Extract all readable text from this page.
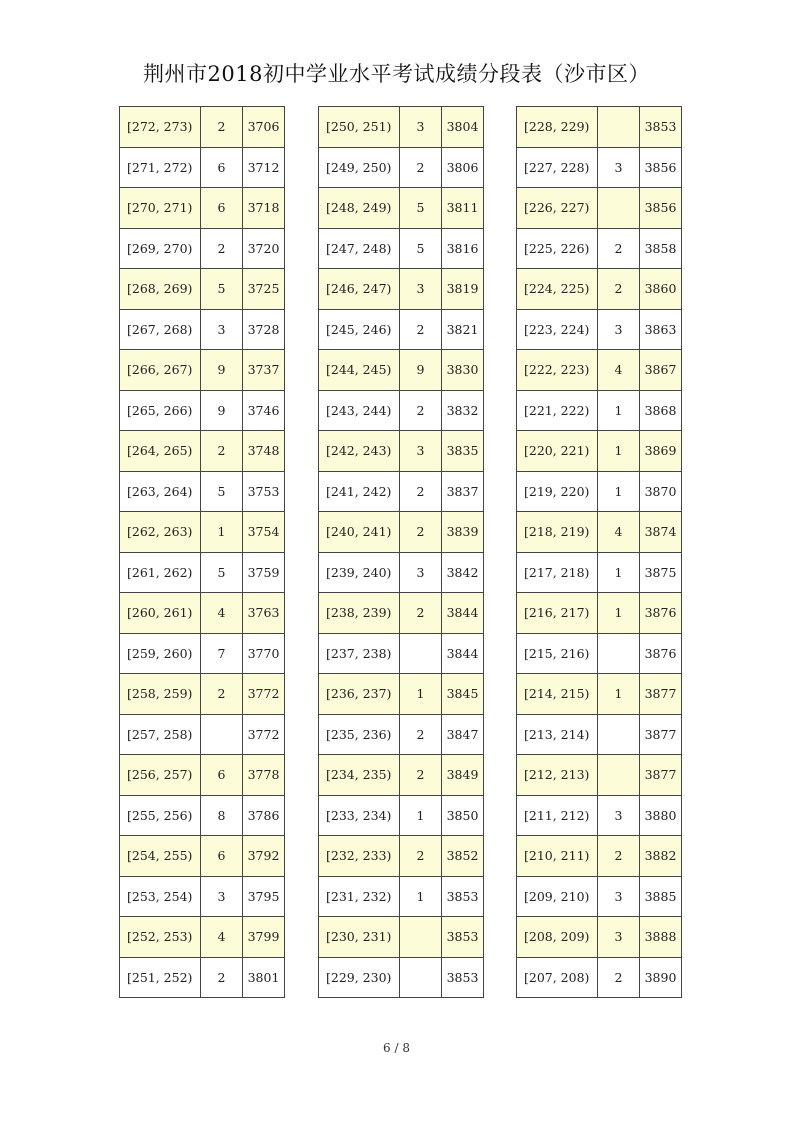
荆州市2018初中学业水平考试成绩分段表（沙市区）
[272, 273)	2	3706
[271, 272)	6	3712
[270, 271)	6	3718
[269, 270)	2	3720
[268, 269)	5	3725
[267, 268)	3	3728
[266, 267)	9	3737
[265, 266)	9	3746
[264, 265)	2	3748
[263, 264)	5	3753
[262, 263)	1	3754
[261, 262)	5	3759
[260, 261)	4	3763
[259, 260)	7	3770
[258, 259)	2	3772
[257, 258)		3772
[256, 257)	6	3778
[255, 256)	8	3786
[254, 255)	6	3792
[253, 254)	3	3795
[252, 253)	4	3799
[251, 252)	2	3801
[250, 251)	3	3804
[249, 250)	2	3806
[248, 249)	5	3811
[247, 248)	5	3816
[246, 247)	3	3819
[245, 246)	2	3821
[244, 245)	9	3830
[243, 244)	2	3832
[242, 243)	3	3835
[241, 242)	2	3837
[240, 241)	2	3839
[239, 240)	3	3842
[238, 239)	2	3844
[237, 238)		3844
[236, 237)	1	3845
[235, 236)	2	3847
[234, 235)	2	3849
[233, 234)	1	3850
[232, 233)	2	3852
[231, 232)	1	3853
[230, 231)		3853
[229, 230)		3853
[228, 229)		3853
[227, 228)	3	3856
[226, 227)		3856
[225, 226)	2	3858
[224, 225)	2	3860
[223, 224)	3	3863
[222, 223)	4	3867
[221, 222)	1	3868
[220, 221)	1	3869
[219, 220)	1	3870
[218, 219)	4	3874
[217, 218)	1	3875
[216, 217)	1	3876
[215, 216)		3876
[214, 215)	1	3877
[213, 214)		3877
[212, 213)		3877
[211, 212)	3	3880
[210, 211)	2	3882
[209, 210)	3	3885
[208, 209)	3	3888
[207, 208)	2	3890
6 / 8
